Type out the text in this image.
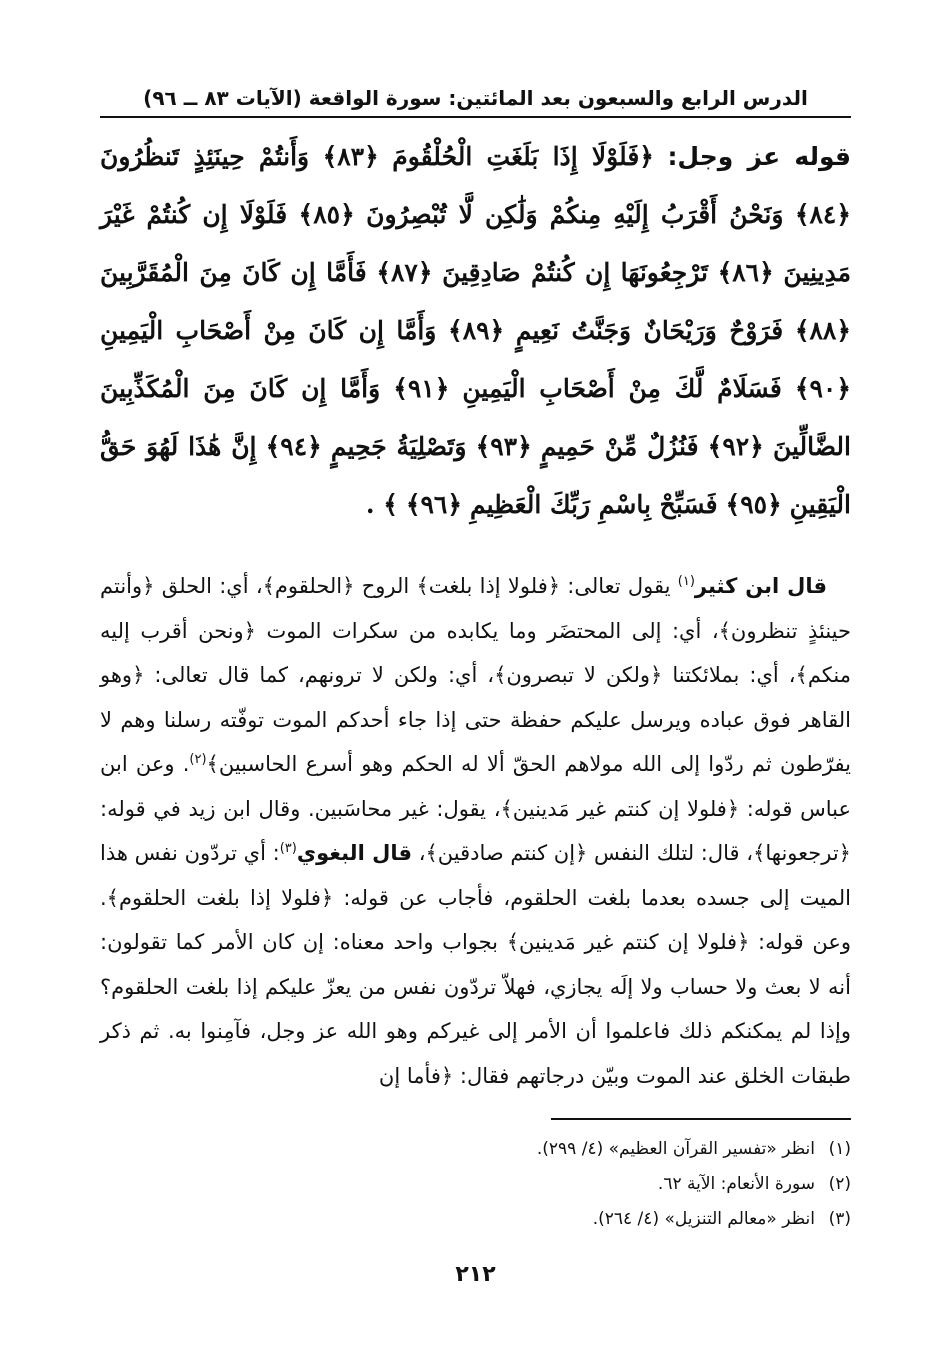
الدرس الرابع والسبعون بعد المائتين: سورة الواقعة (الآيات ٨٣ ــ ٩٦)
قوله عز وجل: ﴿فَلَوْلَا إِذَا بَلَغَتِ الْحُلْقُومَ ﴿٨٣﴾ وَأَنتُمْ حِينَئِذٍ تَنظُرُونَ ﴿٨٤﴾ وَنَحْنُ أَقْرَبُ إِلَيْهِ مِنكُمْ وَلَٰكِن لَّا تُبْصِرُونَ ﴿٨٥﴾ فَلَوْلَا إِن كُنتُمْ غَيْرَ مَدِينِينَ ﴿٨٦﴾ تَرْجِعُونَهَا إِن كُنتُمْ صَادِقِينَ ﴿٨٧﴾ فَأَمَّا إِن كَانَ مِنَ الْمُقَرَّبِينَ ﴿٨٨﴾ فَرَوْحٌ وَرَيْحَانٌ وَجَنَّتُ نَعِيمٍ ﴿٨٩﴾ وَأَمَّا إِن كَانَ مِنْ أَصْحَابِ الْيَمِينِ ﴿٩٠﴾ فَسَلَامٌ لَّكَ مِنْ أَصْحَابِ الْيَمِينِ ﴿٩١﴾ وَأَمَّا إِن كَانَ مِنَ الْمُكَذِّبِينَ الضَّالِّينَ ﴿٩٢﴾ فَنُزُلٌ مِّنْ حَمِيمٍ ﴿٩٣﴾ وَتَصْلِيَةُ جَحِيمٍ ﴿٩٤﴾ إِنَّ هَٰذَا لَهُوَ حَقُّ الْيَقِينِ ﴿٩٥﴾ فَسَبِّحْ بِاسْمِ رَبِّكَ الْعَظِيمِ ﴿٩٦﴾ ﴾ .

قال ابن كثير$^{(١)}$ يقول تعالى: ﴿فلولا إذا بلغت﴾ الروح ﴿الحلقوم﴾، أي: الحلق ﴿وأنتم حينئذٍ تنظرون﴾، أي: إلى المحتضَر وما يكابده من سكرات الموت ﴿ونحن أقرب إليه منكم﴾، أي: بملائكتنا ﴿ولكن لا تبصرون﴾، أي: ولكن لا ترونهم، كما قال تعالى: ﴿وهو القاهر فوق عباده ويرسل عليكم حفظة حتى إذا جاء أحدكم الموت توفّته رسلنا وهم لا يفرّطون ثم ردّوا إلى الله مولاهم الحقّ ألا له الحكم وهو أسرع الحاسبين﴾$^{(٢)}$. وعن ابن عباس قوله: ﴿فلولا إن كنتم غير مَدينين﴾، يقول: غير محاسَبين. وقال ابن زيد في قوله: ﴿ترجعونها﴾، قال: لتلك النفس ﴿إن كنتم صادقين﴾، قال البغوي$^{(٣)}$: أي تردّون نفس هذا الميت إلى جسده بعدما بلغت الحلقوم، فأجاب عن قوله: ﴿فلولا إذا بلغت الحلقوم﴾. وعن قوله: ﴿فلولا إن كنتم غير مَدينين﴾ بجواب واحد معناه: إن كان الأمر كما تقولون: أنه لا بعث ولا حساب ولا إلَه يجازي، فهلاّ تردّون نفس من يعزّ عليكم إذا بلغت الحلقوم؟ وإذا لم يمكنكم ذلك فاعلموا أن الأمر إلى غيركم وهو الله عز وجل، فآمِنوا به. ثم ذكر طبقات الخلق عند الموت وبيّن درجاتهم فقال: ﴿فأما إن

(١)انظر «تفسير القرآن العظيم» (٤/ ٢٩٩).
(٢)سورة الأنعام: الآية ٦٢.
(٣)انظر «معالم التنزيل» (٤/ ٢٦٤).
٢١٢
